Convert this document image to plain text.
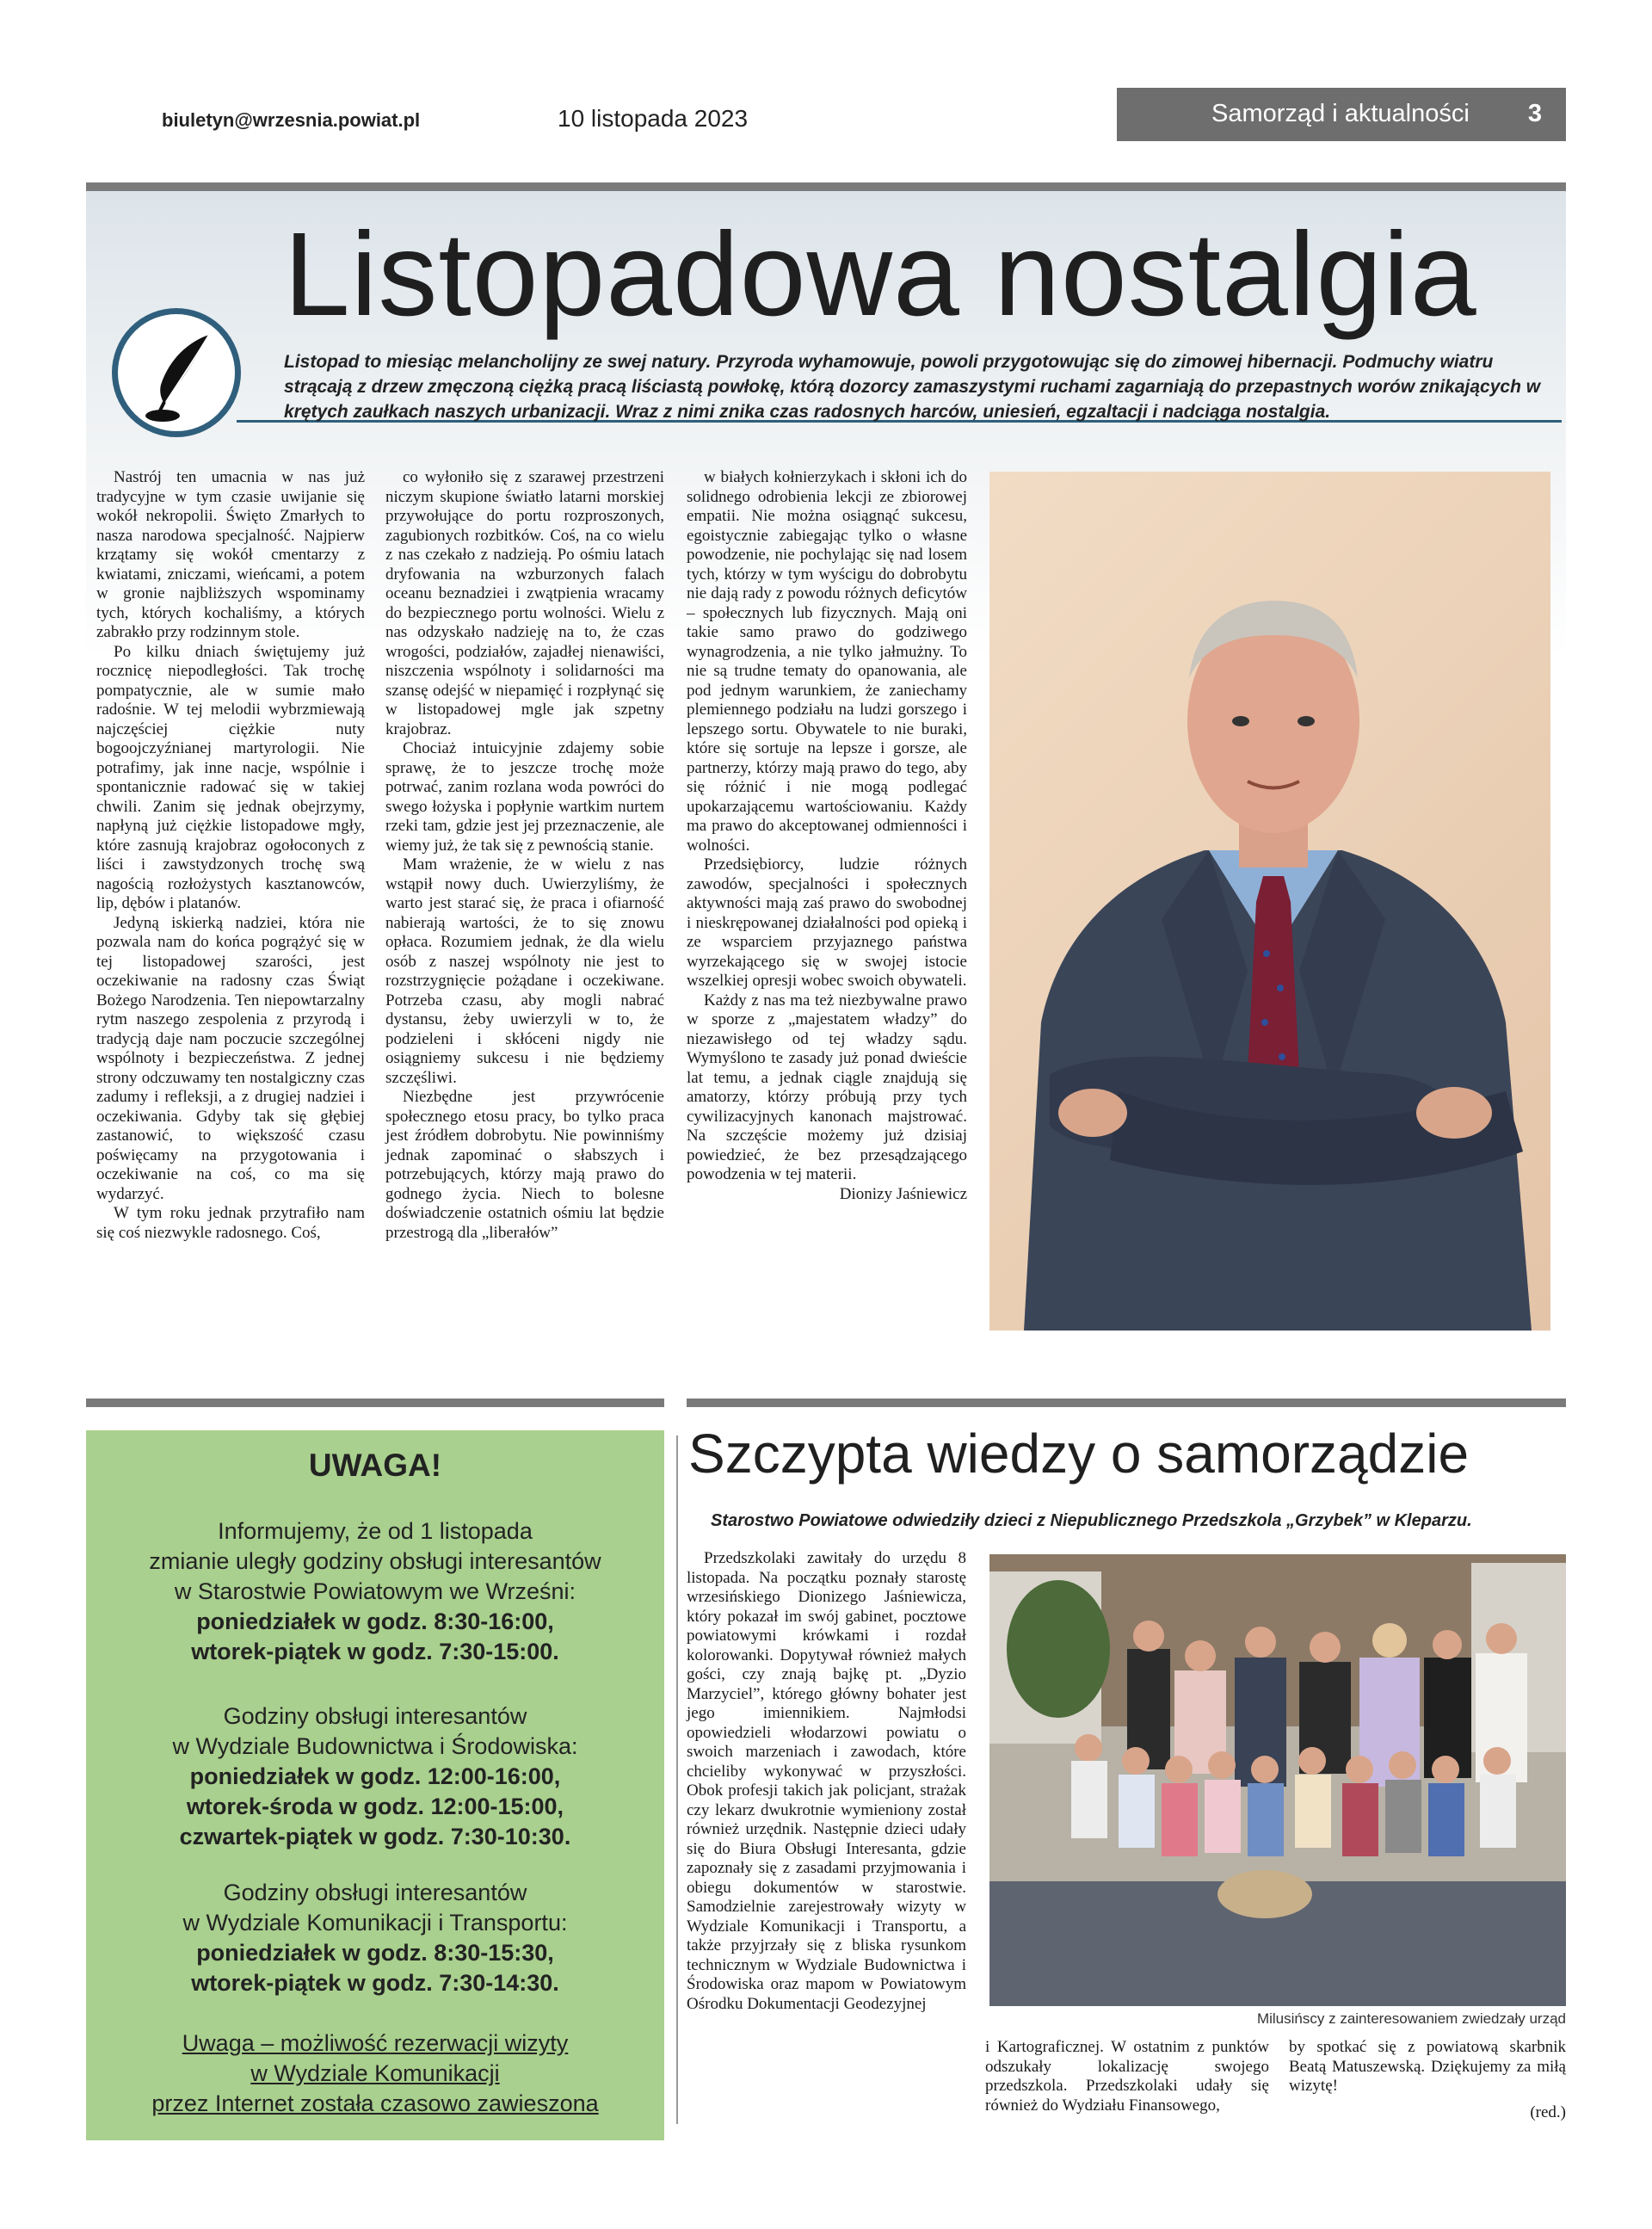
biuletyn@wrzesnia.powiat.pl	10 listopada 2023	Samorząd i aktualności 3
Listopadowa nostalgia
Listopad to miesiąc melancholijny ze swej natury. Przyroda wyhamowuje, powoli przygotowując się do zimowej hibernacji. Podmuchy wiatru strącają z drzew zmęczoną ciężką pracą liściastą powłokę, którą dozorcy zamaszystymi ruchami zagarniają do przepastnych worów znikających w krętych zaułkach naszych urbanizacji. Wraz z nimi znika czas radosnych harców, uniesień, egzaltacji i nadciąga nostalgia.

Nastrój ten umacnia w nas już tradycyjne w tym czasie uwijanie się wokół nekropolii. Święto Zmarłych to nasza narodowa specjalność. Najpierw krzątamy się wokół cmentarzy z kwiatami, zniczami, wieńcami, a potem w gronie najbliższych wspominamy tych, których kochaliśmy, a których zabrakło przy rodzinnym stole.

Po kilku dniach świętujemy już rocznicę niepodległości. Tak trochę pompatycznie, ale w sumie mało radośnie. W tej melodii wybrzmiewają najczęściej ciężkie nuty bogoojczyźnianej martyrologii. Nie potrafimy, jak inne nacje, wspólnie i spontanicznie radować się w takiej chwili. Zanim się jednak obejrzymy, napłyną już ciężkie listopadowe mgły, które zasnują krajobraz ogołoconych z liści i zawstydzonych trochę swą nagością rozłożystych kasztanowców, lip, dębów i platanów.

Jedyną iskierką nadziei, która nie pozwala nam do końca pogrążyć się w tej listopadowej szarości, jest oczekiwanie na radosny czas Świąt Bożego Narodzenia. Ten niepowtarzalny rytm naszego zespolenia z przyrodą i tradycją daje nam poczucie szczególnej wspólnoty i bezpieczeństwa. Z jednej strony odczuwamy ten nostalgiczny czas zadumy i refleksji, a z drugiej nadziei i oczekiwania. Gdyby tak się głębiej zastanowić, to większość czasu poświęcamy na przygotowania i oczekiwanie na coś, co ma się wydarzyć.

W tym roku jednak przytrafiło nam się coś niezwykle radosnego. Coś,

co wyłoniło się z szarawej przestrzeni niczym skupione światło latarni morskiej przywołujące do portu rozproszonych, zagubionych rozbitków. Coś, na co wielu z nas czekało z nadzieją. Po ośmiu latach dryfowania na wzburzonych falach oceanu beznadziei i zwątpienia wracamy do bezpiecznego portu wolności. Wielu z nas odzyskało nadzieję na to, że czas wrogości, podziałów, zajadłej nienawiści, niszczenia wspólnoty i solidarności ma szansę odejść w niepamięć i rozpłynąć się w listopadowej mgle jak szpetny krajobraz.

Chociaż intuicyjnie zdajemy sobie sprawę, że to jeszcze trochę może potrwać, zanim rozlana woda powróci do swego łożyska i popłynie wartkim nurtem rzeki tam, gdzie jest jej przeznaczenie, ale wiemy już, że tak się z pewnością stanie.

Mam wrażenie, że w wielu z nas wstąpił nowy duch. Uwierzyliśmy, że warto jest starać się, że praca i ofiarność nabierają wartości, że to się znowu opłaca. Rozumiem jednak, że dla wielu osób z naszej wspólnoty nie jest to rozstrzygnięcie pożądane i oczekiwane. Potrzeba czasu, aby mogli nabrać dystansu, żeby uwierzyli w to, że podzieleni i skłóceni nigdy nie osiągniemy sukcesu i nie będziemy szczęśliwi.

Niezbędne jest przywrócenie społecznego etosu pracy, bo tylko praca jest źródłem dobrobytu. Nie powinniśmy jednak zapominać o słabszych i potrzebujących, którzy mają prawo do godnego życia. Niech to bolesne doświadczenie ostatnich ośmiu lat będzie przestrogą dla „liberałów”

w białych kołnierzykach i skłoni ich do solidnego odrobienia lekcji ze zbiorowej empatii. Nie można osiągnąć sukcesu, egoistycznie zabiegając tylko o własne powodzenie, nie pochylając się nad losem tych, którzy w tym wyścigu do dobrobytu nie dają rady z powodu różnych deficytów – społecznych lub fizycznych. Mają oni takie samo prawo do godziwego wynagrodzenia, a nie tylko jałmużny. To nie są trudne tematy do opanowania, ale pod jednym warunkiem, że zaniechamy plemiennego podziału na ludzi gorszego i lepszego sortu. Obywatele to nie buraki, które się sortuje na lepsze i gorsze, ale partnerzy, którzy mają prawo do tego, aby się różnić i nie mogą podlegać upokarzającemu wartościowaniu. Każdy ma prawo do akceptowanej odmienności i wolności.

Przedsiębiorcy, ludzie różnych zawodów, specjalności i społecznych aktywności mają zaś prawo do swobodnej i nieskrępowanej działalności pod opieką i ze wsparciem przyjaznego państwa wyrzekającego się w swojej istocie wszelkiej opresji wobec swoich obywateli.

Każdy z nas ma też niezbywalne prawo w sporze z „majestatem władzy” do niezawisłego od tej władzy sądu. Wymyślono te zasady już ponad dwieście lat temu, a jednak ciągle znajdują się amatorzy, którzy próbują przy tych cywilizacyjnych kanonach majstrować. Na szczęście możemy już dzisiaj powiedzieć, że bez przesądzającego powodzenia w tej materii.

Dionizy Jaśniewicz

UWAGA!
Informujemy, że od 1 listopada
zmianie uległy godziny obsługi interesantów
w Starostwie Powiatowym we Wrześni:
poniedziałek w godz. 8:30-16:00,
wtorek-piątek w godz. 7:30-15:00.
Godziny obsługi interesantów
w Wydziale Budownictwa i Środowiska:
poniedziałek w godz. 12:00-16:00,
wtorek-środa w godz. 12:00-15:00,
czwartek-piątek w godz. 7:30-10:30.
Godziny obsługi interesantów
w Wydziale Komunikacji i Transportu:
poniedziałek w godz. 8:30-15:30,
wtorek-piątek w godz. 7:30-14:30.
Uwaga – możliwość rezerwacji wizyty
w Wydziale Komunikacji
przez Internet została czasowo zawieszona
Szczypta wiedzy o samorządzie
Starostwo Powiatowe odwiedziły dzieci z Niepublicznego Przedszkola „Grzybek” w Kleparzu.

Przedszkolaki zawitały do urzędu 8 listopada. Na początku poznały starostę wrzesińskiego Dionizego Jaśniewicza, który pokazał im swój gabinet, pocztowe powiatowymi krówkami i rozdał kolorowanki. Dopytywał również małych gości, czy znają bajkę pt. „Dyzio Marzyciel”, którego główny bohater jest jego imiennikiem. Najmłodsi opowiedzieli włodarzowi powiatu o swoich marzeniach i zawodach, które chcieliby wykonywać w przyszłości. Obok profesji takich jak policjant, strażak czy lekarz dwukrotnie wymieniony został również urzędnik. Następnie dzieci udały się do Biura Obsługi Interesanta, gdzie zapoznały się z zasadami przyjmowania i obiegu dokumentów w starostwie. Samodzielnie zarejestrowały wizyty w Wydziale Komunikacji i Transportu, a także przyjrzały się z bliska rysunkom technicznym w Wydziale Budownictwa i Środowiska oraz mapom w Powiatowym Ośrodku Dokumentacji Geodezyjnej

Milusińscy z zainteresowaniem zwiedzały urząd

i Kartograficznej. W ostatnim z punktów odszukały lokalizację swojego przedszkola. Przedszkolaki udały się również do Wydziału Finansowego,

by spotkać się z powiatową skarbnik Beatą Matuszewską. Dziękujemy za miłą wizytę!

(red.)
